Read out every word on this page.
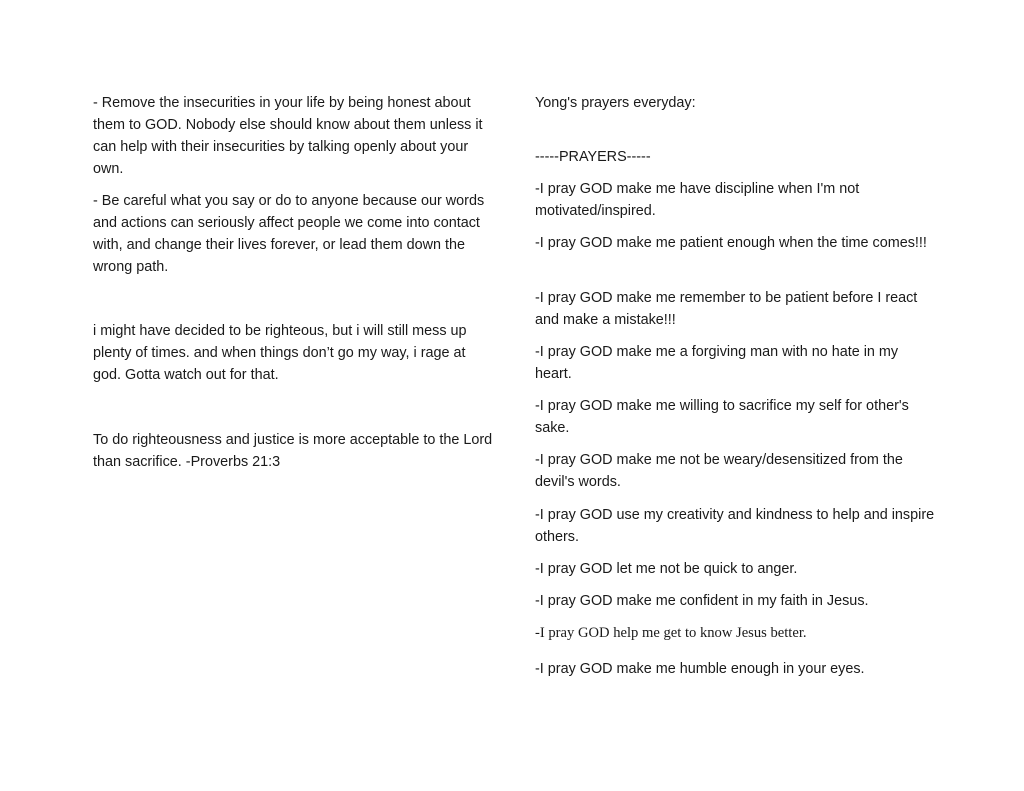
- Remove the insecurities in your life by being honest about them to GOD. Nobody else should know about them unless it can help with their insecurities by talking openly about your own.

- Be careful what you say or do to anyone because our words and actions can seriously affect people we come into contact with, and change their lives forever, or lead them down the wrong path.

i might have decided to be righteous, but i will still mess up plenty of times. and when things don’t go my way, i rage at god. Gotta watch out for that.

To do righteousness and justice is more acceptable to the Lord than sacrifice. -Proverbs 21:3

Yong's prayers everyday:

-----PRAYERS-----

-I pray GOD make me have discipline when I'm not motivated/inspired.

-I pray GOD make me patient enough when the time comes!!!

-I pray GOD make me remember to be patient before I react and make a mistake!!!

-I pray GOD make me a forgiving man with no hate in my heart.

-I pray GOD make me willing to sacrifice my self for other's sake.

-I pray GOD make me not be weary/desensitized from the devil's words.

-I pray GOD use my creativity and kindness to help and inspire others.

-I pray GOD let me not be quick to anger.

-I pray GOD make me confident in my faith in Jesus.

-I pray GOD help me get to know Jesus better.

-I pray GOD make me humble enough in your eyes.
